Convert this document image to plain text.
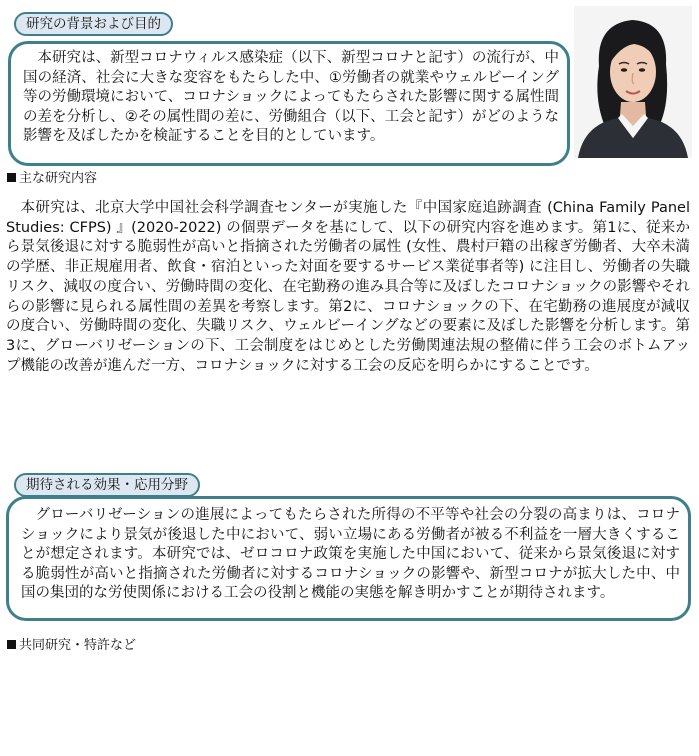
本研究は、新型コロナウィルス感染症（以下、新型コロナと記す）の流行が、中国の経済、社会に大きな変容をもたらした中、①労働者の就業やウェルビーイング等の労働環境において、コロナショックによってもたらされた影響に関する属性間の差を分析し、②その属性間の差に、労働組合（以下、工会と記す）がどのような影響を及ぼしたかを検証することを目的としています。

研究の背景および目的
主な研究内容

本研究は、北京大学中国社会科学調査センターが実施した『中国家庭追跡調査 (China Family Panel Studies: CFPS) 』(2020-2022) の個票データを基にして、以下の研究内容を進めます。第1に、従来から景気後退に対する脆弱性が高いと指摘された労働者の属性 (女性、農村戸籍の出稼ぎ労働者、大卒未満の学歴、非正規雇用者、飲食・宿泊といった対面を要するサービス業従事者等) に注目し、労働者の失職リスク、減収の度合い、労働時間の変化、在宅勤務の進み具合等に及ぼしたコロナショックの影響やそれらの影響に見られる属性間の差異を考察します。第2に、コロナショックの下、在宅勤務の進展度が減収の度合い、労働時間の変化、失職リスク、ウェルビーイングなどの要素に及ぼした影響を分析します。第3に、グローバリゼーションの下、工会制度をはじめとした労働関連法規の整備に伴う工会のボトムアップ機能の改善が進んだ一方、コロナショックに対する工会の反応を明らかにすることです。

グローバリゼーションの進展によってもたらされた所得の不平等や社会の分裂の高まりは、コロナショックにより景気が後退した中において、弱い立場にある労働者が被る不利益を一層大きくすることが想定されます。本研究では、ゼロコロナ政策を実施した中国において、従来から景気後退に対する脆弱性が高いと指摘された労働者に対するコロナショックの影響や、新型コロナが拡大した中、中国の集団的な労使関係における工会の役割と機能の実態を解き明かすことが期待されます。

期待される効果・応用分野
共同研究・特許など
